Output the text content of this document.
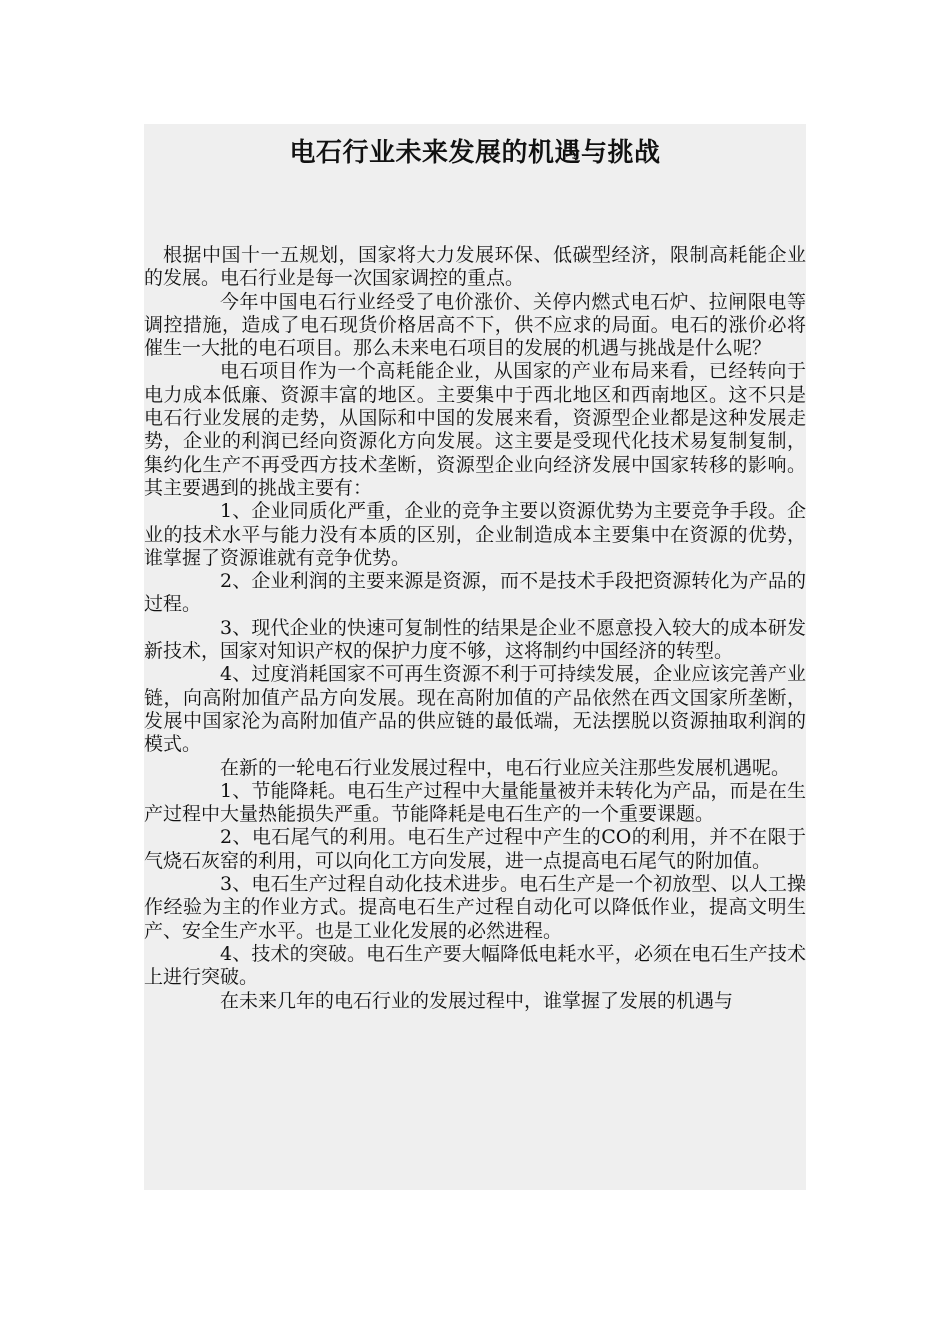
电石行业未来发展的机遇与挑战

根据中国十一五规划，国家将大力发展环保、低碳型经济，限制高耗能企业的发展。电石行业是每一次国家调控的重点。

今年中国电石行业经受了电价涨价、关停内燃式电石炉、拉闸限电等调控措施，造成了电石现货价格居高不下，供不应求的局面。电石的涨价必将催生一大批的电石项目。那么未来电石项目的发展的机遇与挑战是什么呢？

电石项目作为一个高耗能企业，从国家的产业布局来看，已经转向于电力成本低廉、资源丰富的地区。主要集中于西北地区和西南地区。这不只是电石行业发展的走势，从国际和中国的发展来看，资源型企业都是这种发展走势，企业的利润已经向资源化方向发展。这主要是受现代化技术易复制复制，集约化生产不再受西方技术垄断，资源型企业向经济发展中国家转移的影响。其主要遇到的挑战主要有：

1、企业同质化严重，企业的竞争主要以资源优势为主要竞争手段。企业的技术水平与能力没有本质的区别，企业制造成本主要集中在资源的优势，谁掌握了资源谁就有竞争优势。

2、企业利润的主要来源是资源，而不是技术手段把资源转化为产品的过程。

3、现代企业的快速可复制性的结果是企业不愿意投入较大的成本研发新技术，国家对知识产权的保护力度不够，这将制约中国经济的转型。

4、过度消耗国家不可再生资源不利于可持续发展，企业应该完善产业链，向高附加值产品方向发展。现在高附加值的产品依然在西文国家所垄断，发展中国家沦为高附加值产品的供应链的最低端，无法摆脱以资源抽取利润的模式。

在新的一轮电石行业发展过程中，电石行业应关注那些发展机遇呢。

1、节能降耗。电石生产过程中大量能量被并未转化为产品，而是在生产过程中大量热能损失严重。节能降耗是电石生产的一个重要课题。

2、电石尾气的利用。电石生产过程中产生的CO的利用，并不在限于气烧石灰窑的利用，可以向化工方向发展，进一点提高电石尾气的附加值。

3、电石生产过程自动化技术进步。电石生产是一个初放型、以人工操作经验为主的作业方式。提高电石生产过程自动化可以降低作业，提高文明生产、安全生产水平。也是工业化发展的必然进程。

4、技术的突破。电石生产要大幅降低电耗水平，必须在电石生产技术上进行突破。

在未来几年的电石行业的发展过程中，谁掌握了发展的机遇与
